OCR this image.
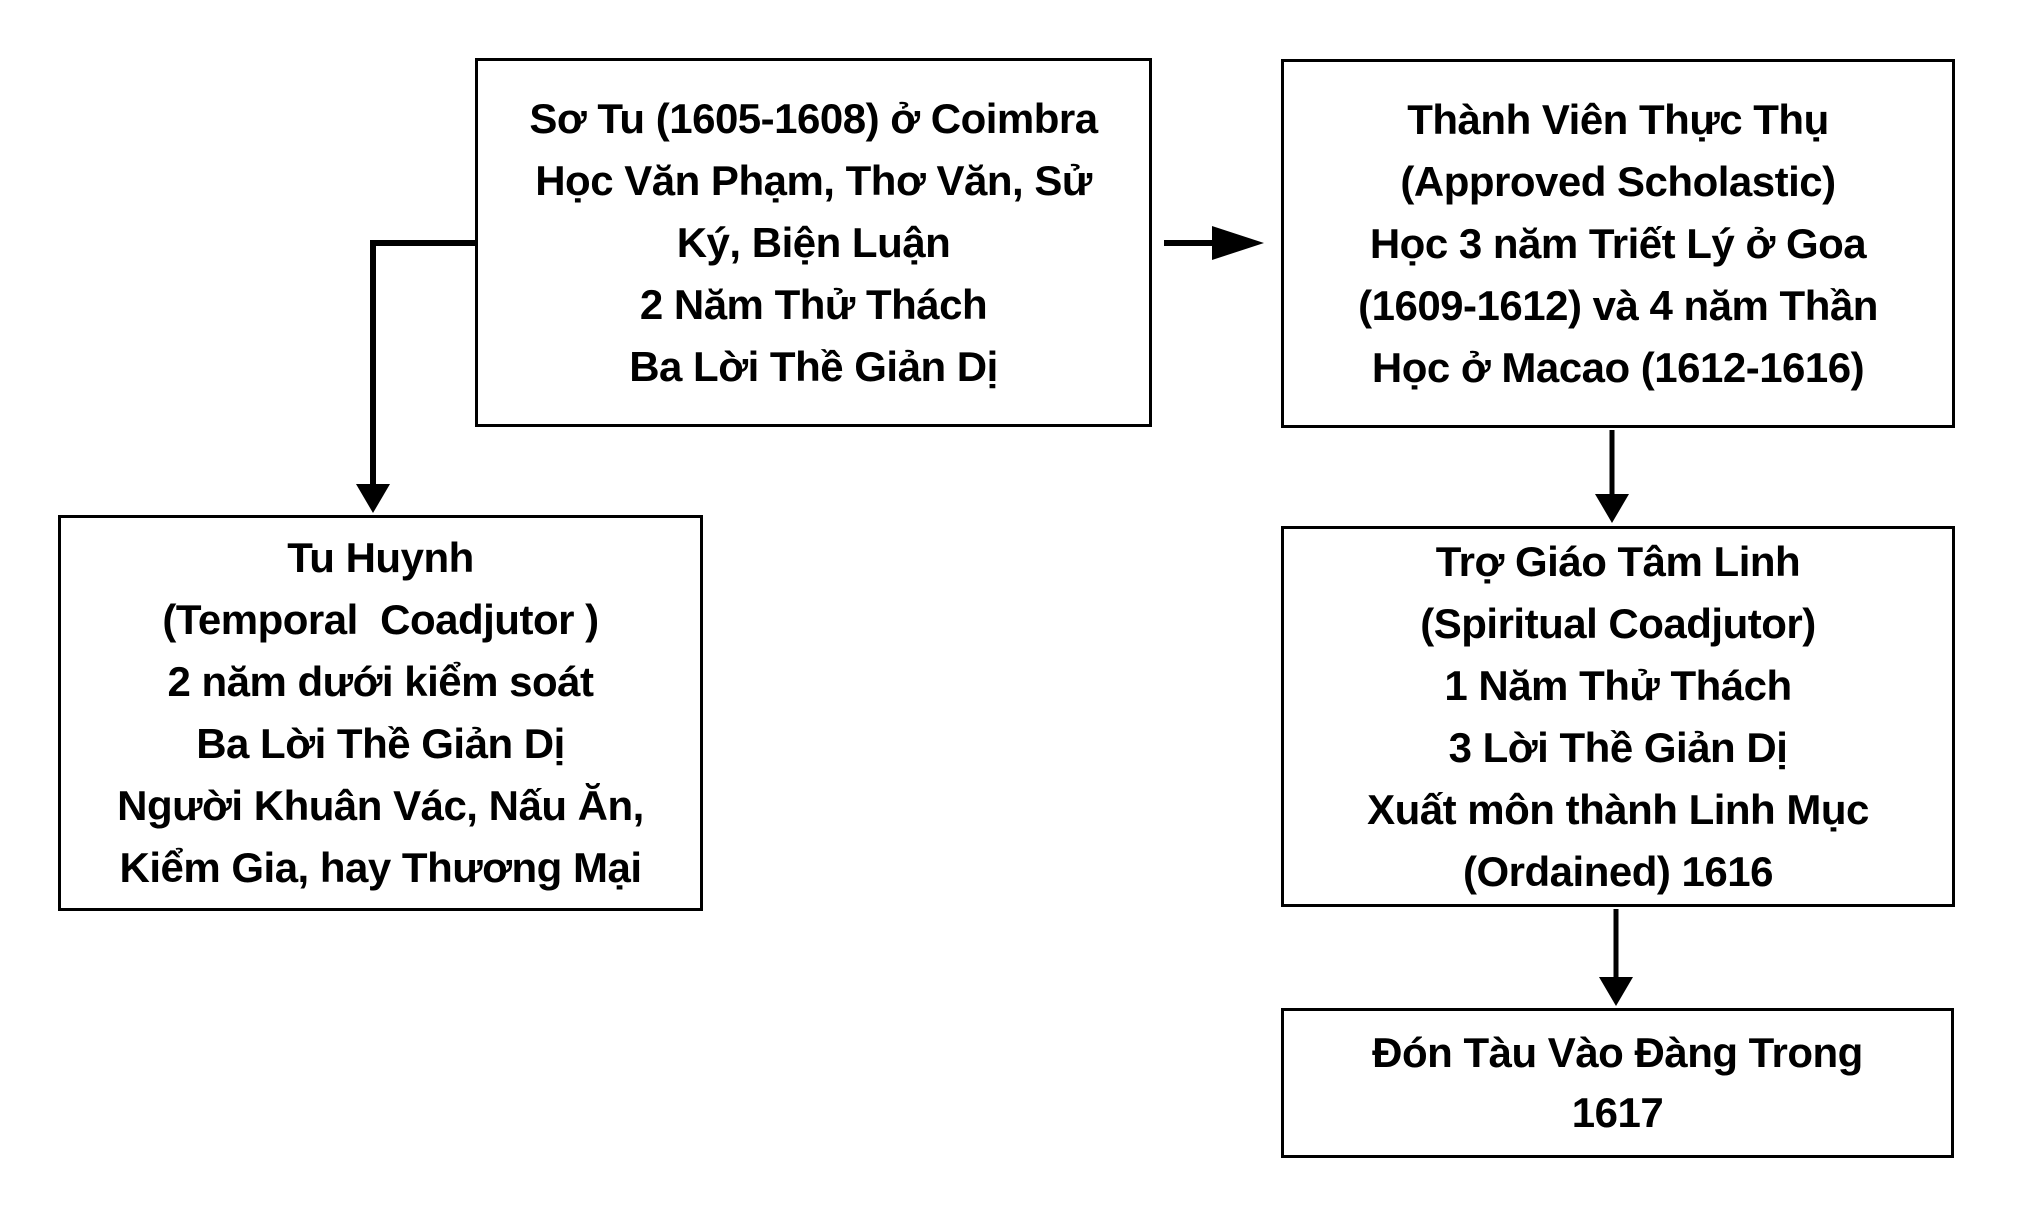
Sơ Tu (1605-1608) ở Coimbra
Học Văn Phạm, Thơ Văn, Sử
Ký, Biện Luận
2 Năm Thử Thách
Ba Lời Thề Giản Dị
Thành Viên Thực Thụ
(Approved Scholastic)
Học 3 năm Triết Lý ở Goa
(1609-1612) và 4 năm Thần
Học ở Macao (1612-1616)
Tu Huynh
(Temporal  Coadjutor )
2 năm dưới kiểm soát
Ba Lời Thề Giản Dị
Người Khuân Vác, Nấu Ăn,
Kiểm Gia, hay Thương Mại
Trợ Giáo Tâm Linh
(Spiritual Coadjutor)
1 Năm Thử Thách
3 Lời Thề Giản Dị
Xuất môn thành Linh Mục
(Ordained) 1616
Đón Tàu Vào Đàng Trong
1617
